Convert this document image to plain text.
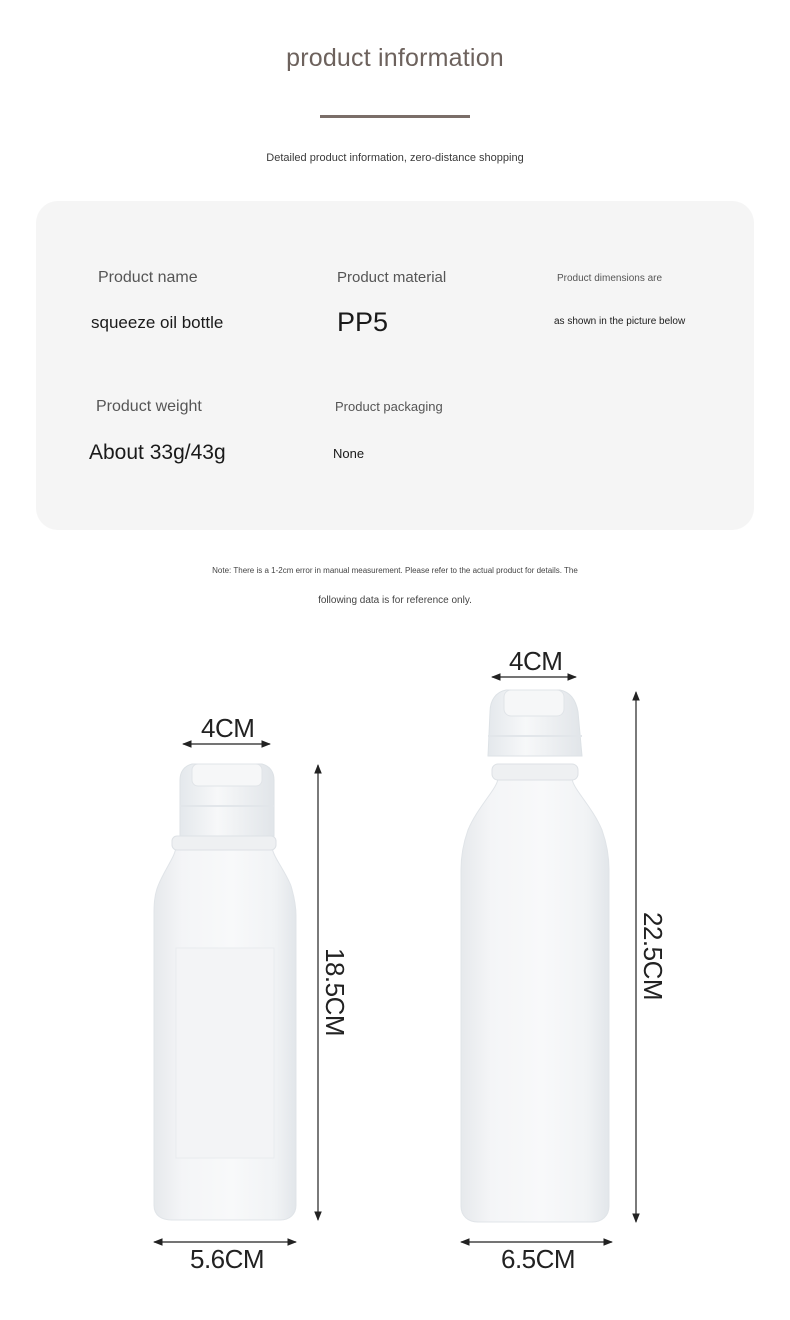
product information
Detailed product information, zero-distance shopping
Product name
squeeze oil bottle
Product material
PP5
Product dimensions are
as shown in the picture below
Product weight
About 33g/43g
Product packaging
None
Note: There is a 1-2cm error in manual measurement. Please refer to the actual product for details. The
following data is for reference only.
4CM
18.5CM
5.6CM
4CM
22.5CM
6.5CM
